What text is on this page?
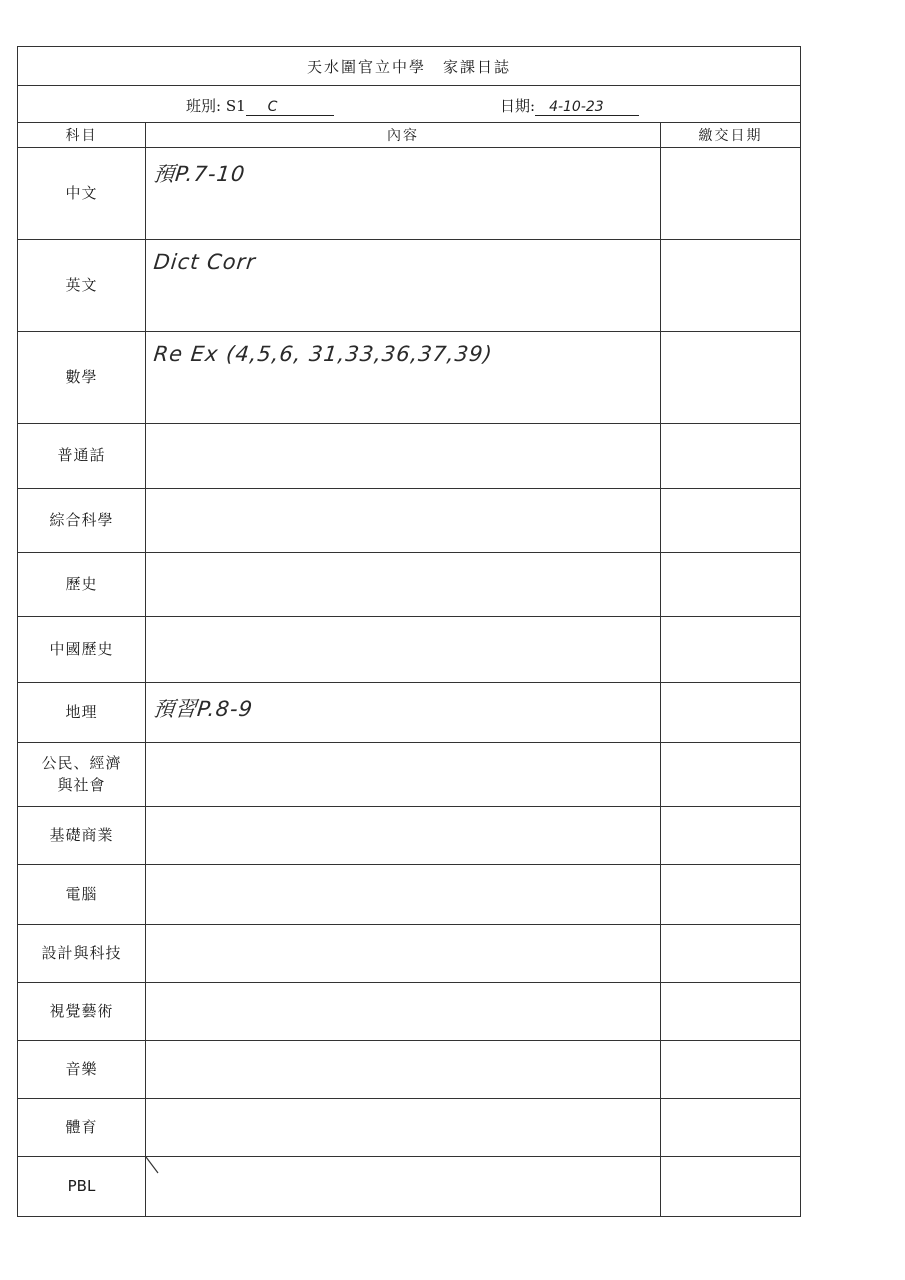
天水圍官立中學　家課日誌		

班別: S1 C 日期: 4-10-23		

科目	內容	繳交日期
中文	預P.7-10	

英文	Dict Corr	

數學	Re Ex (4,5,6, 31,33,36,37,39)	

普通話	

綜合科學	

歷史	

中國歷史	

地理	預習P.8-9	

公民、經濟與社會	

基礎商業	

電腦	

設計與科技	

視覺藝術	

音樂	

體育	

PBL	
